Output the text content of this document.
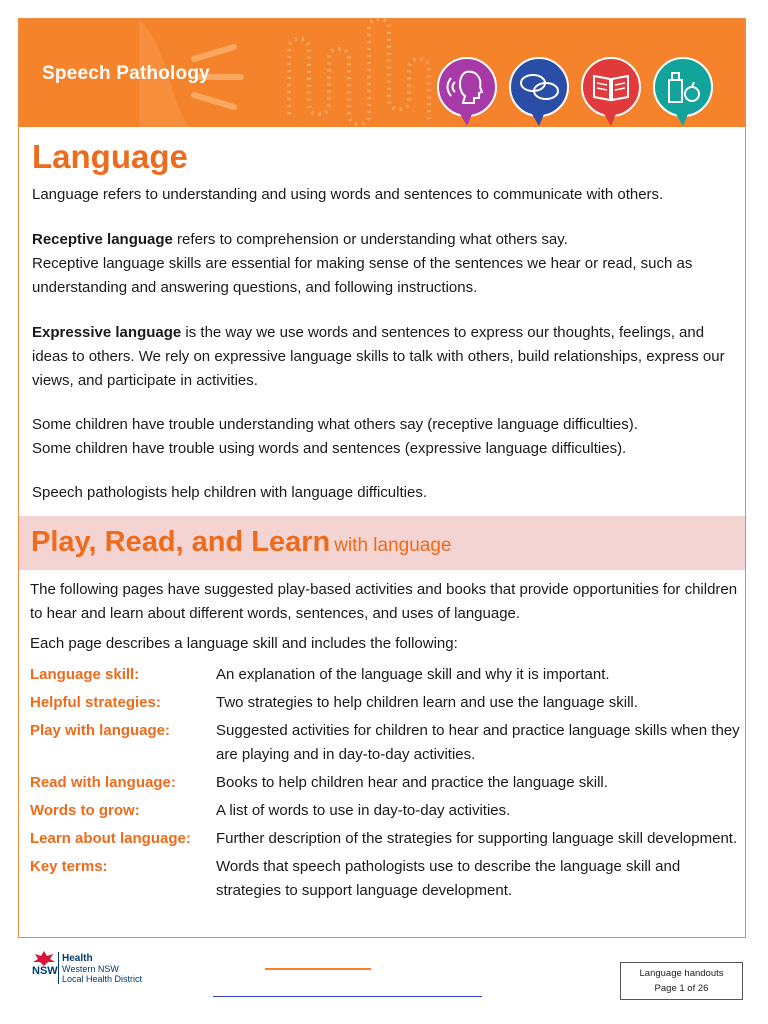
Speech Pathology
Language

Language refers to understanding and using words and sentences to communicate with others.

Receptive language refers to comprehension or understanding what others say.
Receptive language skills are essential for making sense of the sentences we hear or read, such as understanding and answering questions, and following instructions.

Expressive language is the way we use words and sentences to express our thoughts, feelings, and ideas to others. We rely on expressive language skills to talk with others, build relationships, express our views, and participate in activities.

Some children have trouble understanding what others say (receptive language difficulties).
Some children have trouble using words and sentences (expressive language difficulties).

Speech pathologists help children with language difficulties.

Play, Read, and Learn with language

The following pages have suggested play-based activities and books that provide opportunities for children to hear and learn about different words, sentences, and uses of language.

Each page describes a language skill and includes the following:

Language skill:	An explanation of the language skill and why it is important.
Helpful strategies:	Two strategies to help children learn and use the language skill.
Play with language:	Suggested activities for children to hear and practice language skills when they are playing and in day-to-day activities.
Read with language:	Books to help children hear and practice the language skill.
Words to grow:	A list of words to use in day-to-day activities.
Learn about language:	Further description of the strategies for supporting language skill development.
Key terms:	Words that speech pathologists use to describe the language skill and strategies to support language development.
NSW
Health
Western NSW
Local Health District	Language handouts
Page 1 of 26
